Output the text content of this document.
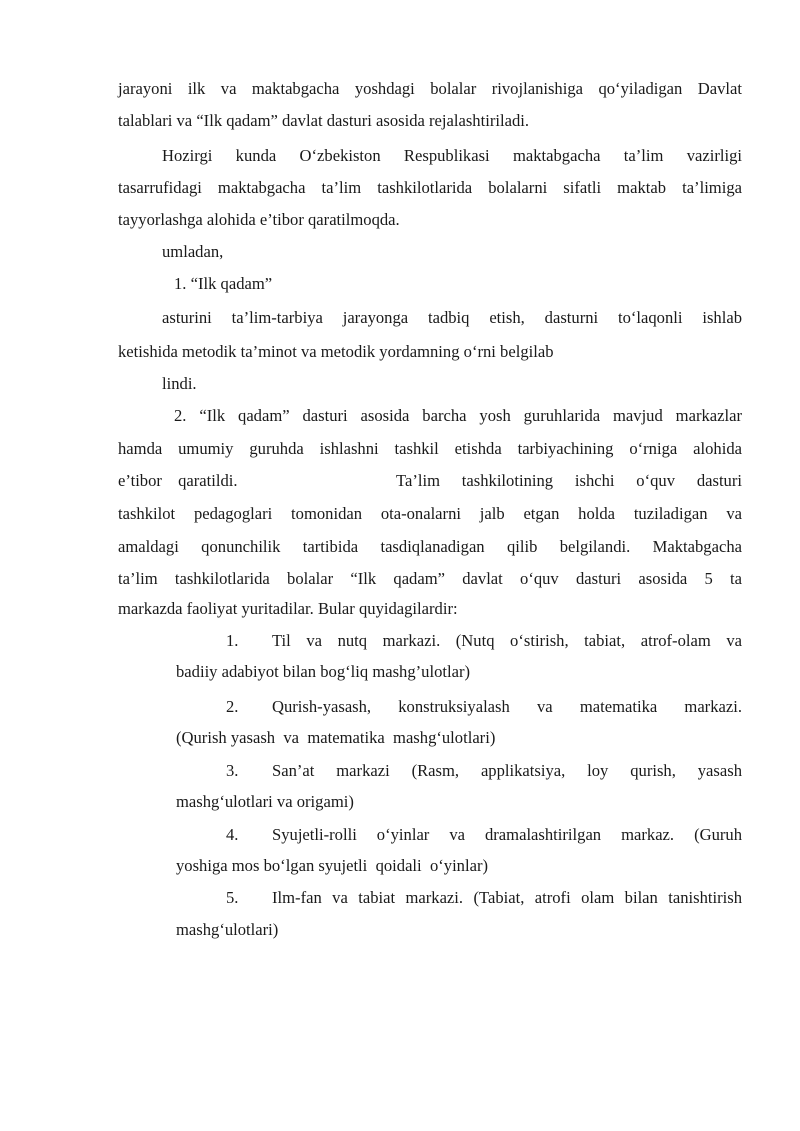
jarayoni ilk va maktabgacha yoshdagi bolalar rivojlanishiga qo‘yiladigan Davlat
talablari va “Ilk qadam” davlat dasturi asosida rejalashtiriladi.
Hozirgi kunda O‘zbekiston Respublikasi maktabgacha ta’lim vazirligi
tasarrufidagi maktabgacha ta’lim tashkilotlarida bolalarni sifatli maktab ta’limiga
tayyorlashga alohida e’tibor qaratilmoqda.
umladan,
1. “Ilk qadam”
asturini ta’lim-tarbiya jarayonga tadbiq etish, dasturni to‘laqonli ishlab
ketishida metodik ta’minot va metodik yordamning o‘rni belgilab
lindi.
2. “Ilk qadam” dasturi asosida barcha yosh guruhlarida mavjud markazlar
hamda umumiy guruhda ishlashni tashkil etishda tarbiyachining o‘rniga alohida
e’tibor qaratildi.	Ta’lim tashkilotining ishchi o‘quv dasturi
tashkilot pedagoglari tomonidan ota-onalarni jalb etgan holda tuziladigan va
amaldagi qonunchilik tartibida tasdiqlanadigan qilib belgilandi. Maktabgacha
ta’lim tashkilotlarida bolalar “Ilk qadam” davlat o‘quv dasturi asosida 5 ta
markazda faoliyat yuritadilar. Bular quyidagilardir:
1.	Til va nutq markazi. (Nutq o‘stirish, tabiat, atrof-olam va
badiiy adabiyot bilan bog‘liq mashg’ulotlar)
2.	Qurish-yasash, konstruksiyalash va matematika markazi.
(Qurish yasash  va  matematika  mashg‘ulotlari)
3.	San’at markazi (Rasm, applikatsiya, loy qurish, yasash
mashg‘ulotlari va origami)
4.	Syujetli-rolli o‘yinlar va dramalashtirilgan markaz. (Guruh
yoshiga mos bo‘lgan syujetli  qoidali  o‘yinlar)
5.	Ilm-fan va tabiat markazi. (Tabiat, atrofi olam bilan tanishtirish
mashg‘ulotlari)
